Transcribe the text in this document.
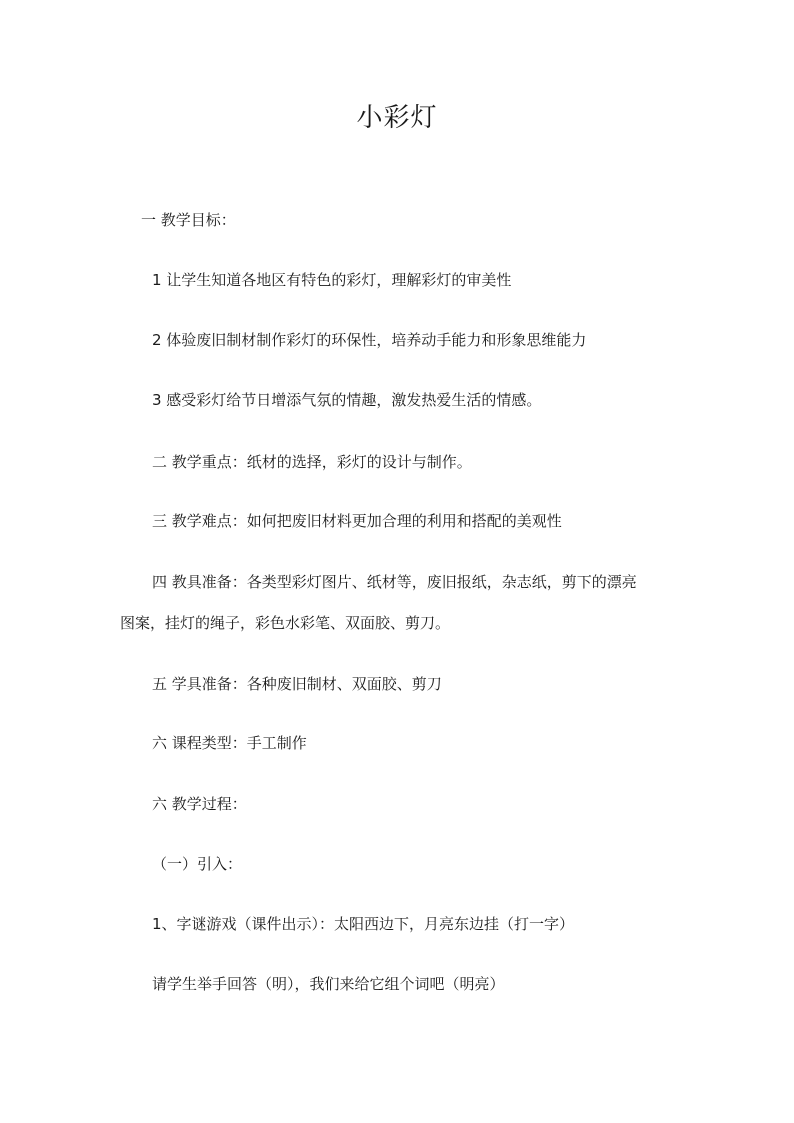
小彩灯

一 教学目标：

1 让学生知道各地区有特色的彩灯，理解彩灯的审美性

2 体验废旧制材制作彩灯的环保性，培养动手能力和形象思维能力

3 感受彩灯给节日增添气氛的情趣，激发热爱生活的情感。

二 教学重点：纸材的选择，彩灯的设计与制作。

三 教学难点：如何把废旧材料更加合理的利用和搭配的美观性

四 教具准备：各类型彩灯图片、纸材等，废旧报纸，杂志纸，剪下的漂亮

图案，挂灯的绳子，彩色水彩笔、双面胶、剪刀。

五 学具准备：各种废旧制材、双面胶、剪刀

六 课程类型：手工制作

六 教学过程：

（一）引入：

1、字谜游戏（课件出示）：太阳西边下，月亮东边挂（打一字）

请学生举手回答（明），我们来给它组个词吧（明亮）
